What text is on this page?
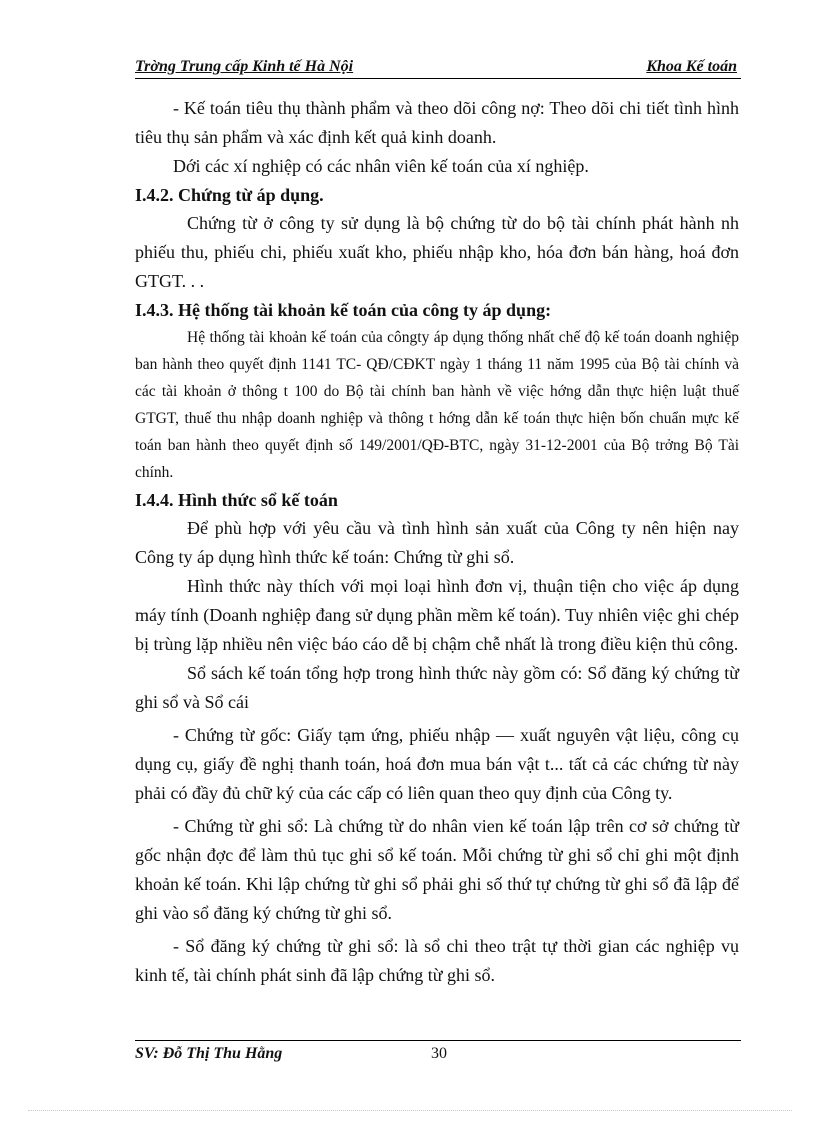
Trờng Trung cấp Kinh tế Hà Nội	Khoa Kế toán

- Kế toán tiêu thụ thành phẩm và theo dõi công nợ: Theo dõi chi tiết tình hình tiêu thụ sản phẩm và xác định kết quả kinh doanh.

Dới các xí nghiệp có các nhân viên kế toán của xí nghiệp.

I.4.2. Chứng từ áp dụng.

Chứng từ ở công ty sử dụng là bộ chứng từ do bộ tài chính phát hành nh phiếu thu, phiếu chi, phiếu xuất kho, phiếu nhập kho, hóa đơn bán hàng, hoá đơn GTGT. . .

I.4.3. Hệ thống tài khoản kế toán của công ty áp dụng:

Hệ thống tài khoản kế toán của côngty áp dụng thống nhất chế độ kế toán doanh nghiệp ban hành theo quyết định 1141 TC- QĐ/CĐKT ngày 1 tháng 11 năm 1995 của Bộ tài chính và các tài khoản ở thông t 100 do Bộ tài chính ban hành về việc hớng dẫn thực hiện luật thuế GTGT, thuế thu nhập doanh nghiệp và thông t hớng dẫn kế toán thực hiện bốn chuẩn mực kế toán ban hành theo quyết định số 149/2001/QĐ-BTC, ngày 31-12-2001 của Bộ trởng Bộ Tài chính.

I.4.4. Hình thức sổ kế toán

Để phù hợp với yêu cầu và tình hình sản xuất của Công ty nên hiện nay Công ty áp dụng hình thức kế toán: Chứng từ ghi sổ.

Hình thức này thích với mọi loại hình đơn vị, thuận tiện cho việc áp dụng máy tính (Doanh nghiệp đang sử dụng phần mềm kế toán). Tuy nhiên việc ghi chép bị trùng lặp nhiều nên việc báo cáo dễ bị chậm chễ nhất là trong điều kiện thủ công.

Sổ sách kế toán tổng hợp trong hình thức này gồm có: Sổ đăng ký chứng từ ghi sổ và Sổ cái

- Chứng từ gốc: Giấy tạm ứng, phiếu nhập — xuất nguyên vật liệu, công cụ dụng cụ, giấy đề nghị thanh toán, hoá đơn mua bán vật t... tất cả các chứng từ này phải có đầy đủ chữ ký của các cấp có liên quan theo quy định của Công ty.

- Chứng từ ghi sổ: Là chứng từ do nhân vien kế toán lập trên cơ sở chứng từ gốc nhận đợc để làm thủ tục ghi sổ kế toán. Mỗi chứng từ ghi sổ chỉ ghi một định khoản kế toán. Khi lập chứng từ ghi sổ phải ghi số thứ tự chứng từ ghi sổ đã lập để ghi vào sổ đăng ký chứng từ ghi sổ.

- Sổ đăng ký chứng từ ghi sổ: là sổ chi theo trật tự thời gian các nghiệp vụ kinh tế, tài chính phát sinh đã lập chứng từ ghi sổ.

SV: Đỗ Thị Thu Hằng	30
